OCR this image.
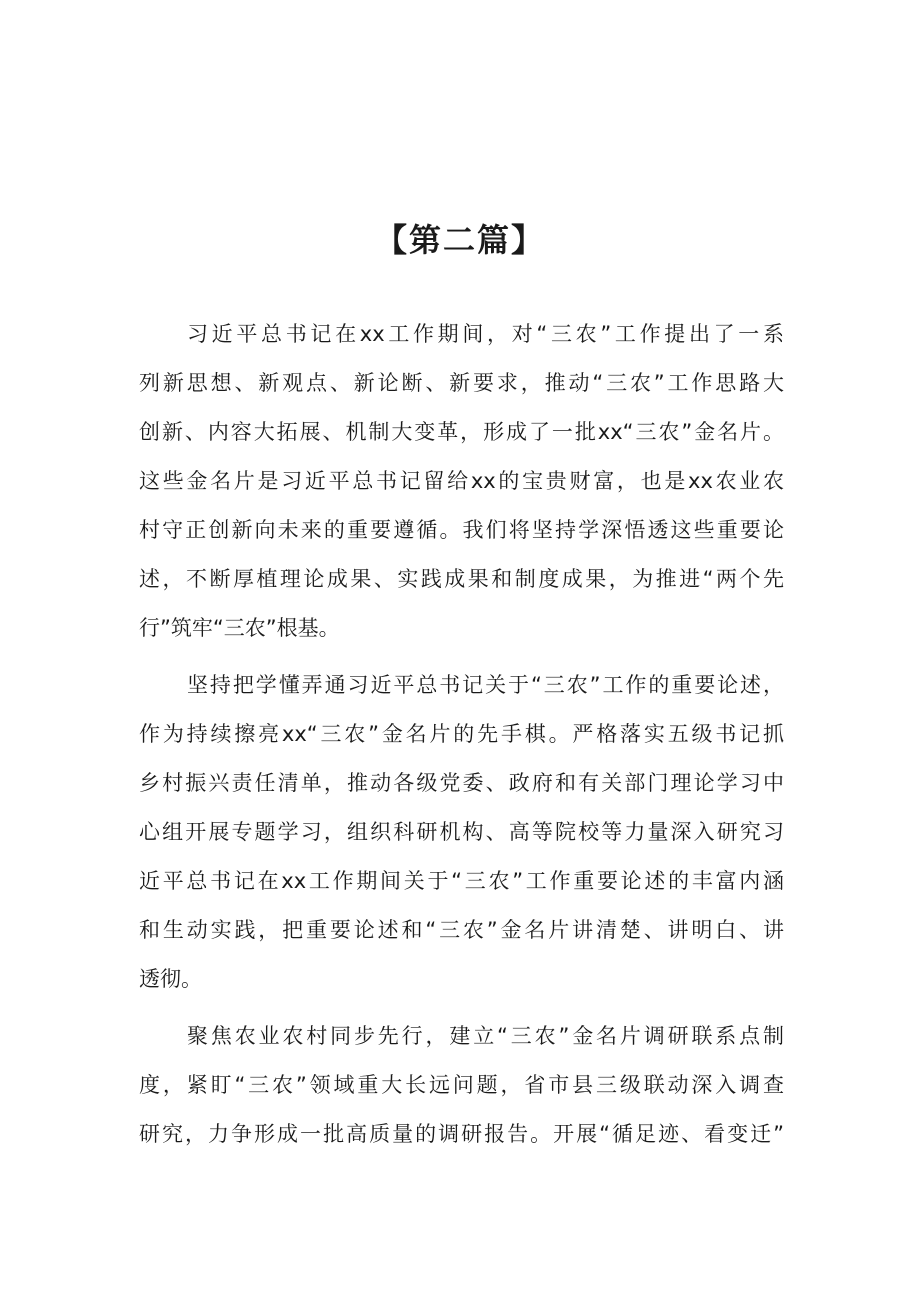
【第二篇】
习近平总书记在xx工作期间，对“三农”工作提出了一系
列新思想、新观点、新论断、新要求，推动“三农”工作思路大
创新、内容大拓展、机制大变革，形成了一批xx“三农”金名片。
这些金名片是习近平总书记留给xx的宝贵财富，也是xx农业农
村守正创新向未来的重要遵循。我们将坚持学深悟透这些重要论
述，不断厚植理论成果、实践成果和制度成果，为推进“两个先
行”筑牢“三农”根基。
坚持把学懂弄通习近平总书记关于“三农”工作的重要论述，
作为持续擦亮xx“三农”金名片的先手棋。严格落实五级书记抓
乡村振兴责任清单，推动各级党委、政府和有关部门理论学习中
心组开展专题学习，组织科研机构、高等院校等力量深入研究习
近平总书记在xx工作期间关于“三农”工作重要论述的丰富内涵
和生动实践，把重要论述和“三农”金名片讲清楚、讲明白、讲
透彻。
聚焦农业农村同步先行，建立“三农”金名片调研联系点制
度，紧盯“三农”领域重大长远问题，省市县三级联动深入调查
研究，力争形成一批高质量的调研报告。开展“循足迹、看变迁”
